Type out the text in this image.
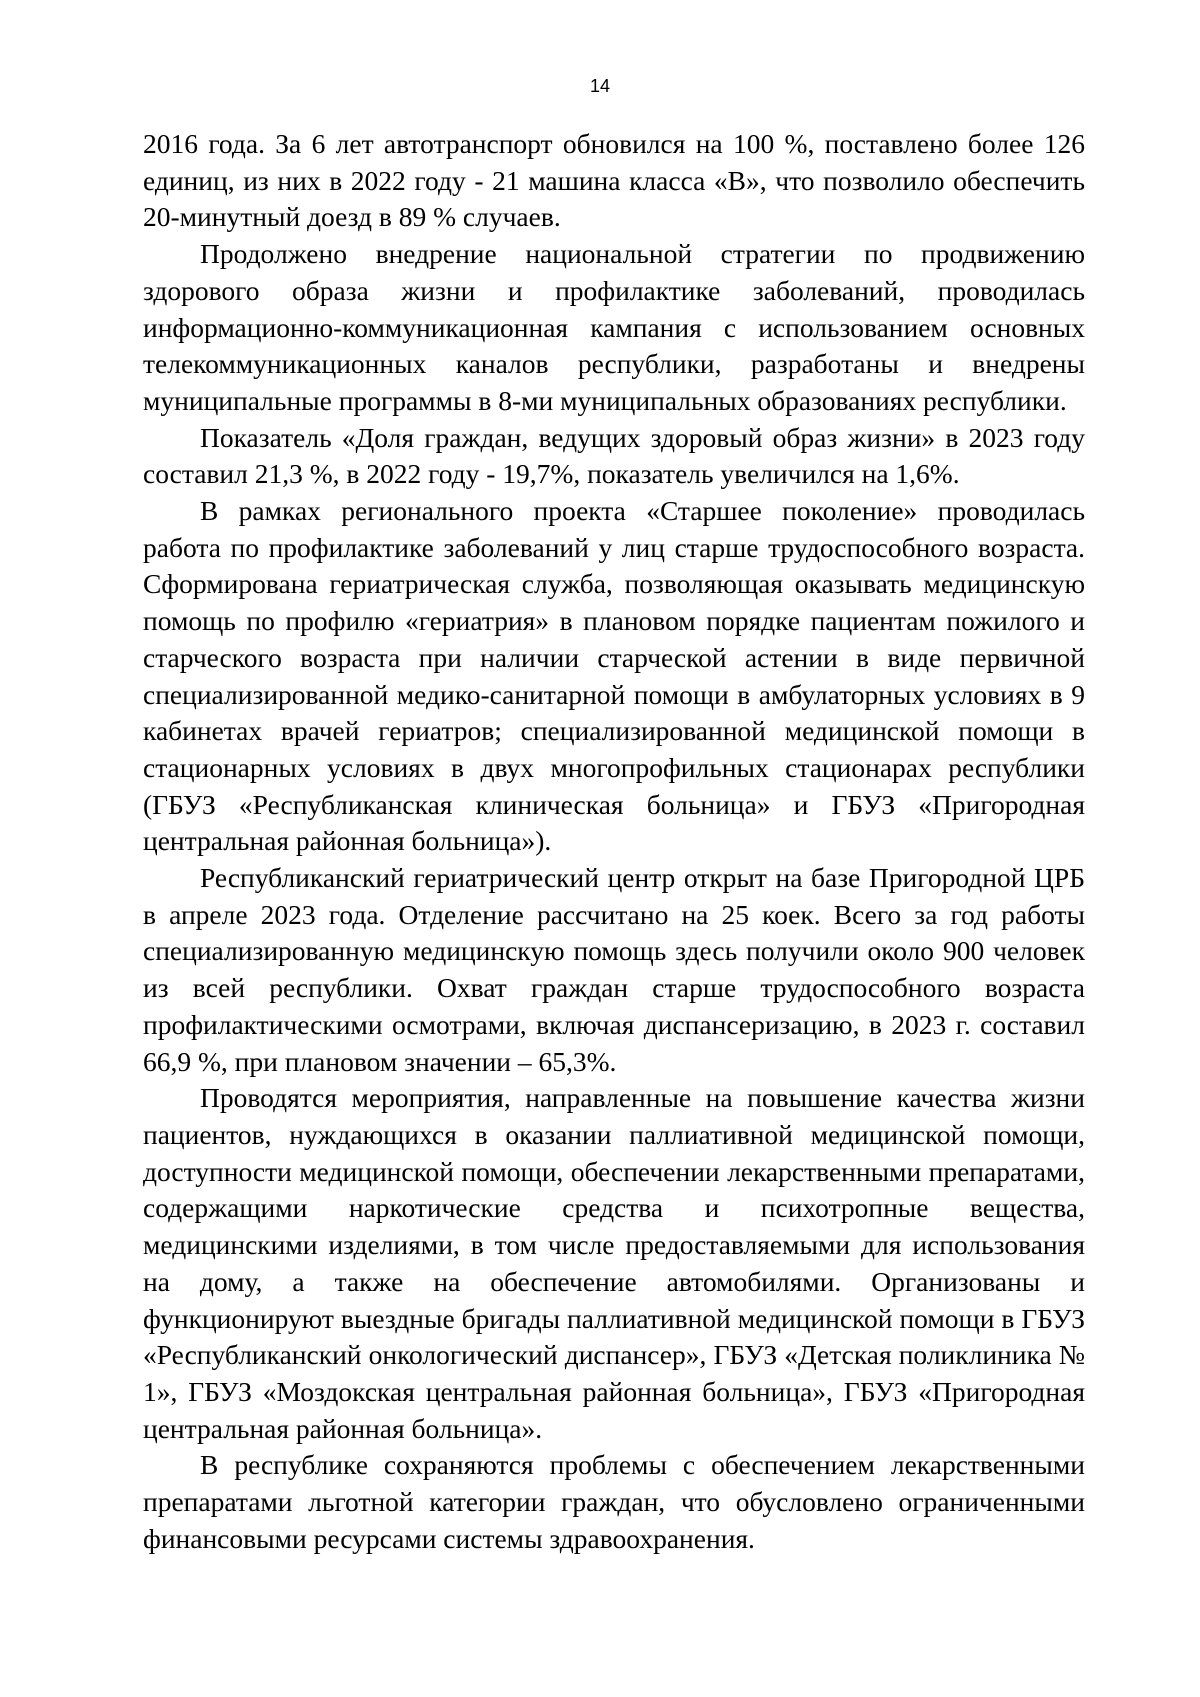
14

2016 года. За 6 лет автотранспорт обновился на 100 %, поставлено более 126 единиц, из них в 2022 году - 21 машина класса «В», что позволило обеспечить 20-минутный доезд в 89 % случаев.

Продолжено внедрение национальной стратегии по продвижению здорового образа жизни и профилактике заболеваний, проводилась информационно-коммуникационная кампания с использованием основных телекоммуникационных каналов республики, разработаны и внедрены муниципальные программы в 8-ми муниципальных образованиях республики.

Показатель «Доля граждан, ведущих здоровый образ жизни» в 2023 году составил 21,3 %, в 2022 году - 19,7%, показатель увеличился на 1,6%.

В рамках регионального проекта «Старшее поколение» проводилась работа по профилактике заболеваний у лиц старше трудоспособного возраста. Сформирована гериатрическая служба, позволяющая оказывать медицинскую помощь по профилю «гериатрия» в плановом порядке пациентам пожилого и старческого возраста при наличии старческой астении в виде первичной специализированной медико-санитарной помощи в амбулаторных условиях в 9 кабинетах врачей гериатров; специализированной медицинской помощи в стационарных условиях в двух многопрофильных стационарах республики (ГБУЗ «Республиканская клиническая больница» и ГБУЗ «Пригородная центральная районная больница»).

Республиканский гериатрический центр открыт на базе Пригородной ЦРБ в апреле 2023 года. Отделение рассчитано на 25 коек. Всего за год работы специализированную медицинскую помощь здесь получили около 900 человек из всей республики. Охват граждан старше трудоспособного возраста профилактическими осмотрами, включая диспансеризацию, в 2023 г. составил 66,9 %, при плановом значении – 65,3%.

Проводятся мероприятия, направленные на повышение качества жизни пациентов, нуждающихся в оказании паллиативной медицинской помощи, доступности медицинской помощи, обеспечении лекарственными препаратами, содержащими наркотические средства и психотропные вещества, медицинскими изделиями, в том числе предоставляемыми для использования на дому, а также на обеспечение автомобилями. Организованы и функционируют выездные бригады паллиативной медицинской помощи в ГБУЗ «Республиканский онкологический диспансер», ГБУЗ «Детская поликлиника № 1», ГБУЗ «Моздокская центральная районная больница», ГБУЗ «Пригородная центральная районная больница».

В республике сохраняются проблемы с обеспечением лекарственными препаратами льготной категории граждан, что обусловлено ограниченными финансовыми ресурсами системы здравоохранения.
